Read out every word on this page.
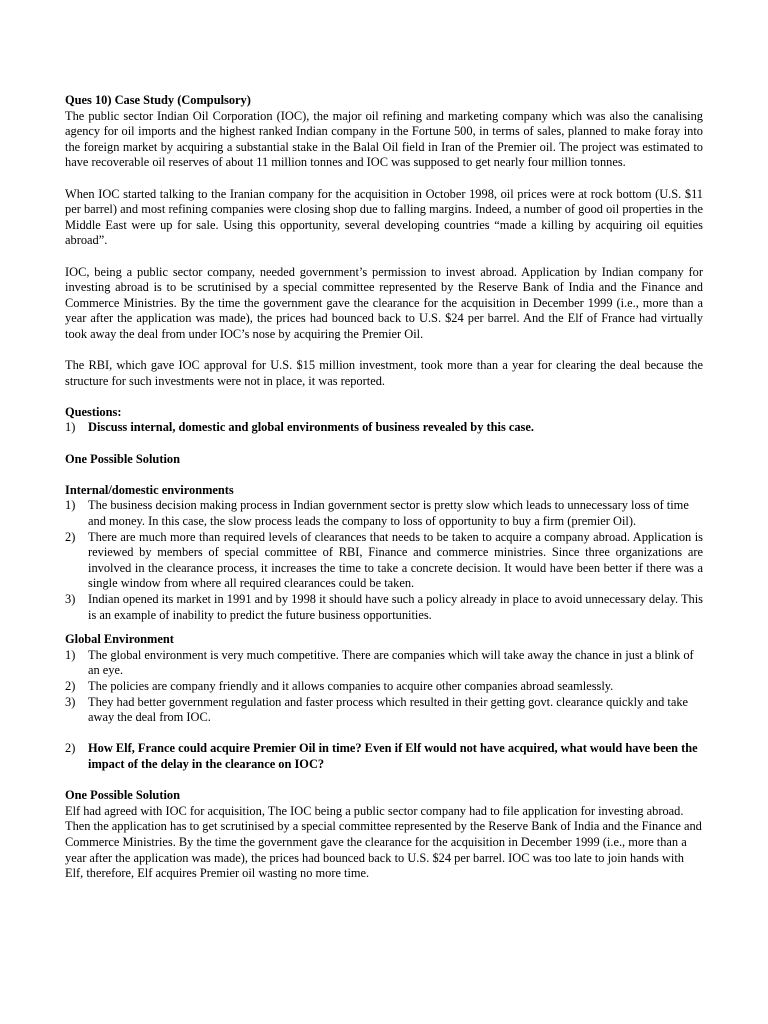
Ques 10) Case Study (Compulsory)

The public sector Indian Oil Corporation (IOC), the major oil refining and marketing company which was also the canalising agency for oil imports and the highest ranked Indian company in the Fortune 500, in terms of sales, planned to make foray into the foreign market by acquiring a substantial stake in the Balal Oil field in Iran of the Premier oil. The project was estimated to have recoverable oil reserves of about 11 million tonnes and IOC was supposed to get nearly four million tonnes.

When IOC started talking to the Iranian company for the acquisition in October 1998, oil prices were at rock bottom (U.S. $11 per barrel) and most refining companies were closing shop due to falling margins. Indeed, a number of good oil properties in the Middle East were up for sale. Using this opportunity, several developing countries “made a killing by acquiring oil equities abroad”.

IOC, being a public sector company, needed government’s permission to invest abroad. Application by Indian company for investing abroad is to be scrutinised by a special committee represented by the Reserve Bank of India and the Finance and Commerce Ministries. By the time the government gave the clearance for the acquisition in December 1999 (i.e., more than a year after the application was made), the prices had bounced back to U.S. $24 per barrel. And the Elf of France had virtually took away the deal from under IOC’s nose by acquiring the Premier Oil.

The RBI, which gave IOC approval for U.S. $15 million investment, took more than a year for clearing the deal because the structure for such investments were not in place, it was reported.

Questions:

1)	Discuss internal, domestic and global environments of business revealed by this case.

One Possible Solution

Internal/domestic environments

1)	The business decision making process in Indian government sector is pretty slow which leads to unnecessary loss of time and money. In this case, the slow process leads the company to loss of opportunity to buy a firm (premier Oil).
2)	There are much more than required levels of clearances that needs to be taken to acquire a company abroad. Application is reviewed by members of special committee of RBI, Finance and commerce ministries. Since three organizations are involved in the clearance process, it increases the time to take a concrete decision. It would have been better if there was a single window from where all required clearances could be taken.
3)	Indian opened its market in 1991 and by 1998 it should have such a policy already in place to avoid unnecessary delay. This is an example of inability to predict the future business opportunities.

Global Environment

1)	The global environment is very much competitive. There are companies which will take away the chance in just a blink of an eye.
2)	The policies are company friendly and it allows companies to acquire other companies abroad seamlessly.
3)	They had better government regulation and faster process which resulted in their getting govt. clearance quickly and take away the deal from IOC.
2)	How Elf, France could acquire Premier Oil in time? Even if Elf would not have acquired, what would have been the impact of the delay in the clearance on IOC?

One Possible Solution

Elf had agreed with IOC for acquisition, The IOC being a public sector company had to file application for investing abroad. Then the application has to get scrutinised by a special committee represented by the Reserve Bank of India and the Finance and Commerce Ministries. By the time the government gave the clearance for the acquisition in December 1999 (i.e., more than a year after the application was made), the prices had bounced back to U.S. $24 per barrel. IOC was too late to join hands with Elf, therefore, Elf acquires Premier oil wasting no more time.
